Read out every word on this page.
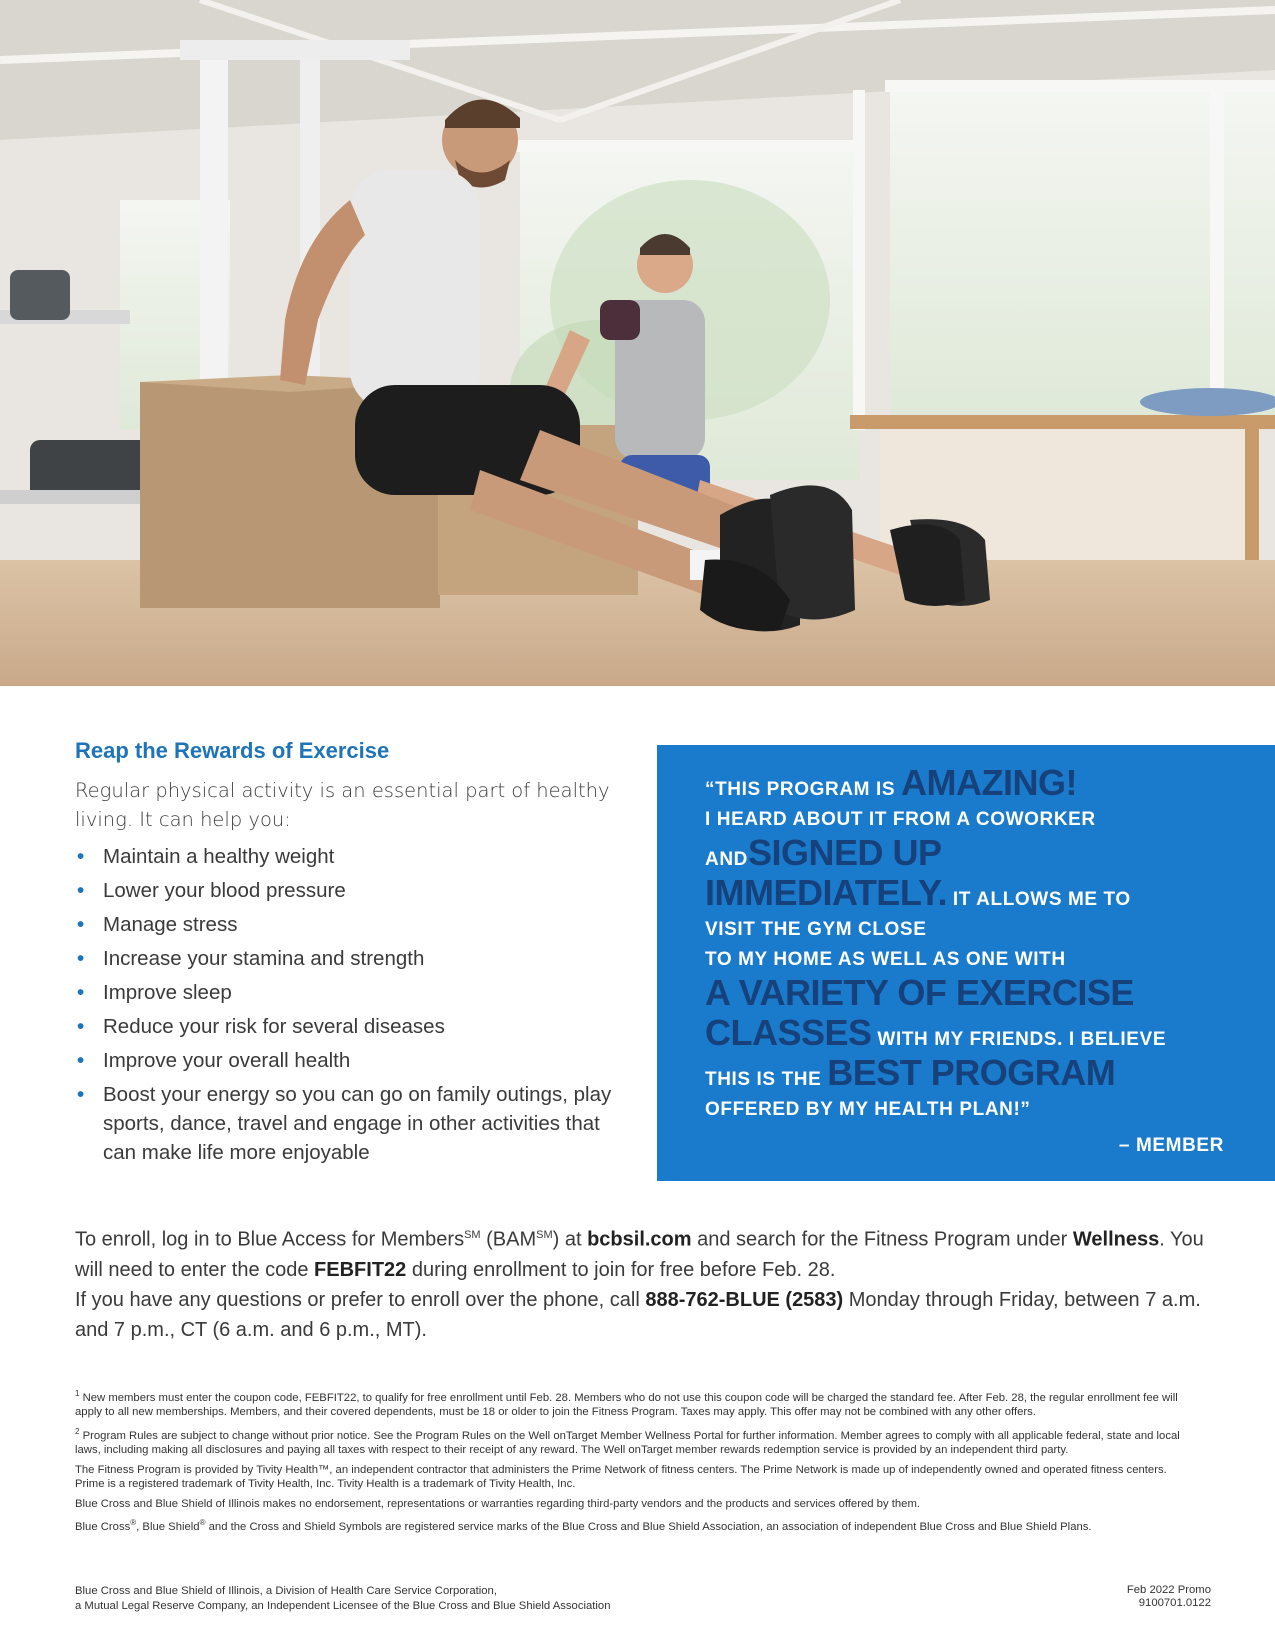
Reap the Rewards of Exercise

Regular physical activity is an essential part of healthy living. It can help you:

• Maintain a healthy weight
• Lower your blood pressure
• Manage stress
• Increase your stamina and strength
• Improve sleep
• Reduce your risk for several diseases
• Improve your overall health
• Boost your energy so you can go on family outings, play sports, dance, travel and engage in other activities that can make life more enjoyable
“THIS PROGRAM IS AMAZING!
I HEARD ABOUT IT FROM A COWORKER
ANDSIGNED UP
IMMEDIATELY. IT ALLOWS ME TO
VISIT THE GYM CLOSE
TO MY HOME AS WELL AS ONE WITH
A VARIETY OF EXERCISE
CLASSES WITH MY FRIENDS. I BELIEVE
THIS IS THE BEST PROGRAM
OFFERED BY MY HEALTH PLAN!”
– MEMBER
To enroll, log in to Blue Access for Members℠ (BAM℠) at bcbsil.com and search for the Fitness Program under Wellness. You will need to enter the code FEBFIT22 during enrollment to join for free before Feb. 28.
If you have any questions or prefer to enroll over the phone, call 888-762-BLUE (2583) Monday through Friday, between 7 a.m. and 7 p.m., CT (6 a.m. and 6 p.m., MT).

$^1$ New members must enter the coupon code, FEBFIT22, to qualify for free enrollment until Feb. 28. Members who do not use this coupon code will be charged the standard fee. After Feb. 28, the regular enrollment fee will apply to all new memberships. Members, and their covered dependents, must be 18 or older to join the Fitness Program. Taxes may apply. This offer may not be combined with any other offers.

$^2$ Program Rules are subject to change without prior notice. See the Program Rules on the Well onTarget Member Wellness Portal for further information. Member agrees to comply with all applicable federal, state and local laws, including making all disclosures and paying all taxes with respect to their receipt of any reward. The Well onTarget member rewards redemption service is provided by an independent third party.

The Fitness Program is provided by Tivity Health™, an independent contractor that administers the Prime Network of fitness centers. The Prime Network is made up of independently owned and operated fitness centers. Prime is a registered trademark of Tivity Health, Inc. Tivity Health is a trademark of Tivity Health, Inc.

Blue Cross and Blue Shield of Illinois makes no endorsement, representations or warranties regarding third-party vendors and the products and services offered by them.

Blue Cross®, Blue Shield® and the Cross and Shield Symbols are registered service marks of the Blue Cross and Blue Shield Association, an association of independent Blue Cross and Blue Shield Plans.

Blue Cross and Blue Shield of Illinois, a Division of Health Care Service Corporation,
a Mutual Legal Reserve Company, an Independent Licensee of the Blue Cross and Blue Shield Association
Feb 2022 Promo
9100701.0122
